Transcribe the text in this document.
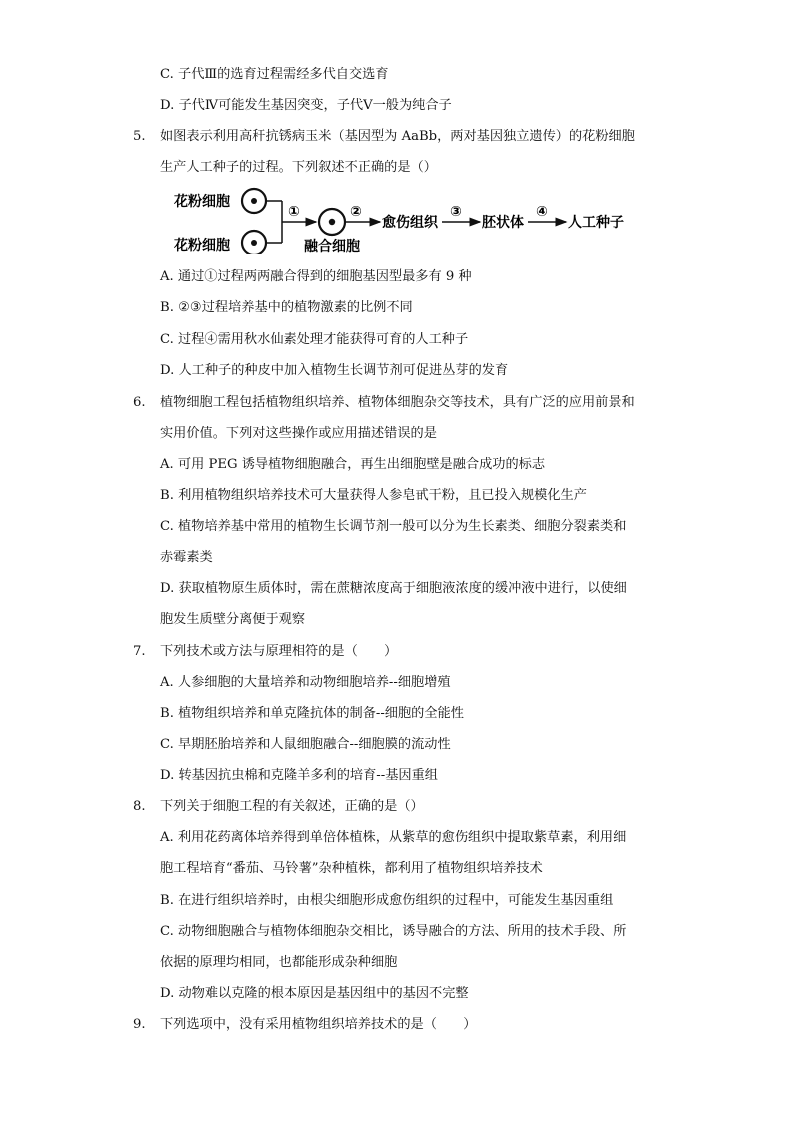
5.
6.
7.
8.
9.
C. 子代Ⅲ的选育过程需经多代自交选育
D. 子代Ⅳ可能发生基因突变，子代Ⅴ一般为纯合子
如图表示利用高秆抗锈病玉米（基因型为 AaBb，两对基因独立遗传）的花粉细胞
生产人工种子的过程。下列叙述不正确的是（）
花粉细胞
花粉细胞
①
融合细胞
②
愈伤组织
③
胚状体
④
人工种子
A. 通过①过程两两融合得到的细胞基因型最多有 9 种
B. ②③过程培养基中的植物激素的比例不同
C. 过程④需用秋水仙素处理才能获得可育的人工种子
D. 人工种子的种皮中加入植物生长调节剂可促进丛芽的发育
植物细胞工程包括植物组织培养、植物体细胞杂交等技术，具有广泛的应用前景和
实用价值。下列对这些操作或应用描述错误的是
A. 可用 PEG 诱导植物细胞融合，再生出细胞壁是融合成功的标志
B. 利用植物组织培养技术可大量获得人参皂甙干粉，且已投入规模化生产
C. 植物培养基中常用的植物生长调节剂一般可以分为生长素类、细胞分裂素类和
赤霉素类
D. 获取植物原生质体时，需在蔗糖浓度高于细胞液浓度的缓冲液中进行，以使细
胞发生质壁分离便于观察
下列技术或方法与原理相符的是（　　）
A. 人参细胞的大量培养和动物细胞培养--细胞增殖
B. 植物组织培养和单克隆抗体的制备--细胞的全能性
C. 早期胚胎培养和人鼠细胞融合--细胞膜的流动性
D. 转基因抗虫棉和克隆羊多利的培育--基因重组
下列关于细胞工程的有关叙述，正确的是（）
A. 利用花药离体培养得到单倍体植株，从紫草的愈伤组织中提取紫草素，利用细
胞工程培育“番茄、马铃薯”杂种植株，都利用了植物组织培养技术
B. 在进行组织培养时，由根尖细胞形成愈伤组织的过程中，可能发生基因重组
C. 动物细胞融合与植物体细胞杂交相比，诱导融合的方法、所用的技术手段、所
依据的原理均相同，也都能形成杂种细胞
D. 动物难以克隆的根本原因是基因组中的基因不完整
下列选项中，没有采用植物组织培养技术的是（　　）
